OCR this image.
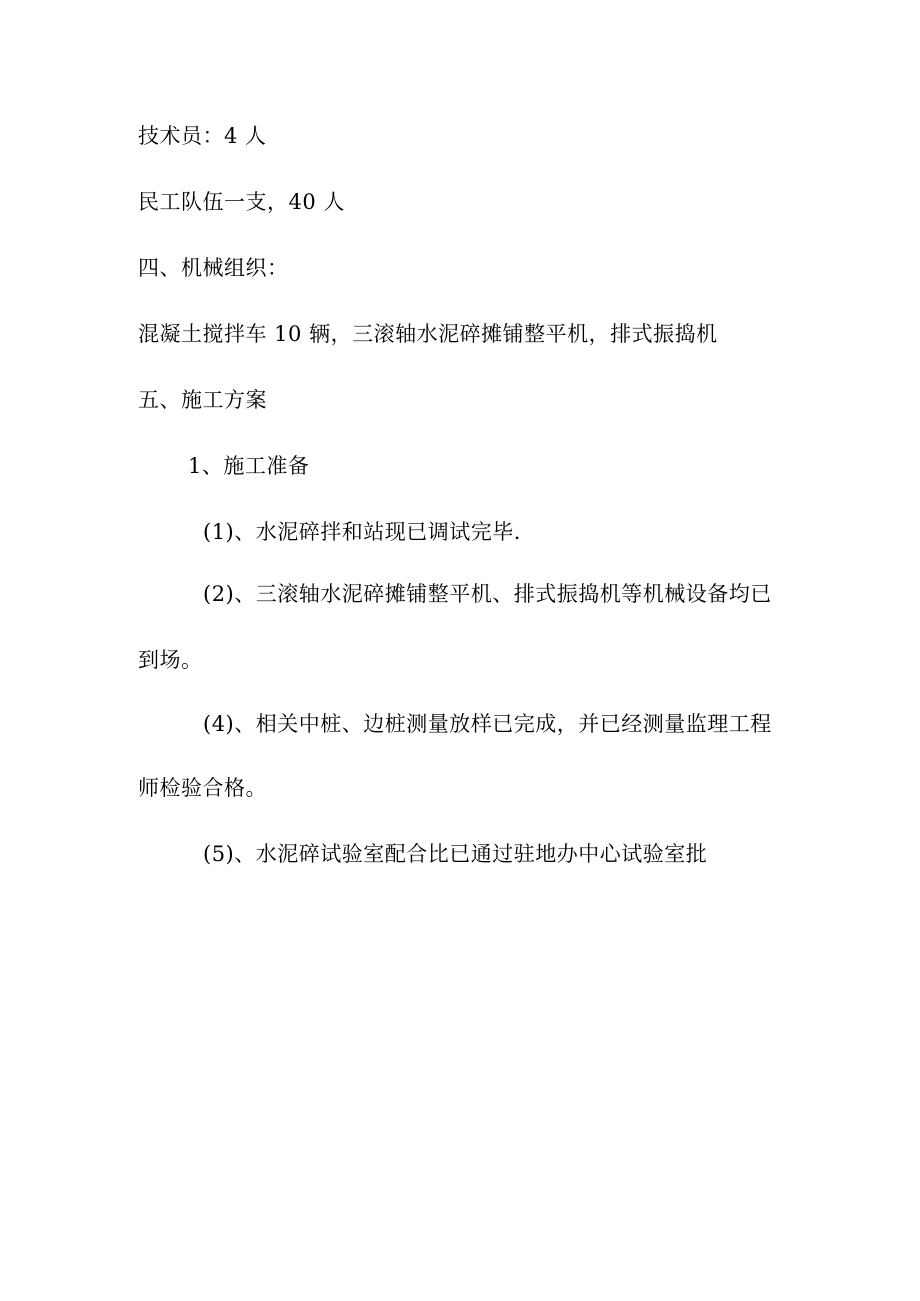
技术员：4 人
民工队伍一支，40 人
四、机械组织：
混凝土搅拌车 10 辆，三滚轴水泥碎摊铺整平机，排式振捣机
五、施工方案
1、施工准备
(1)、水泥碎拌和站现已调试完毕.
(2)、三滚轴水泥碎摊铺整平机、排式振捣机等机械设备均已
到场。
(4)、相关中桩、边桩测量放样已完成，并已经测量监理工程
师检验合格。
(5)、水泥碎试验室配合比已通过驻地办中心试验室批
